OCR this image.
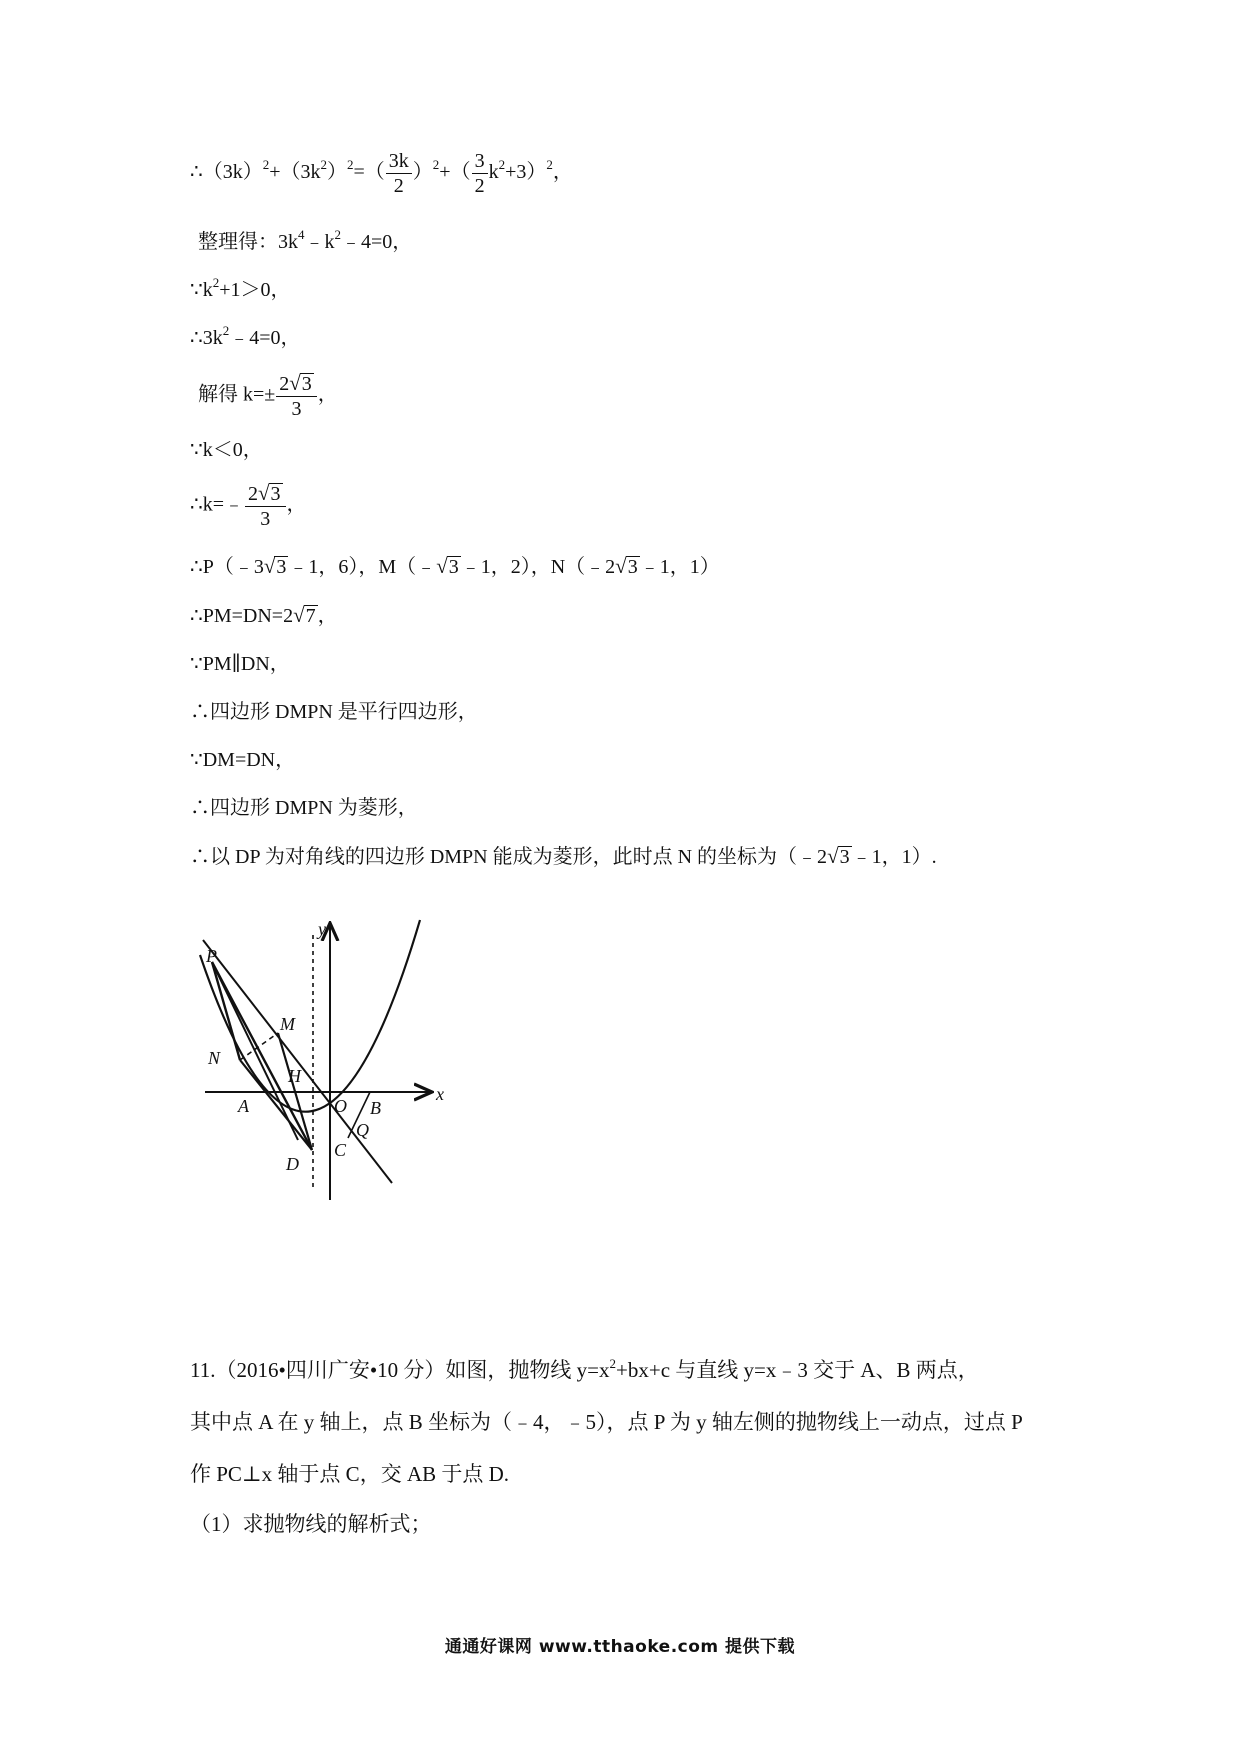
$\therefore(3k)^2+(3k^2)^2=( \frac{3k}{2} )^2+( \frac{3}{2} k^2+3)^2$，
整理得：$3k^4﹣k^2﹣4=0$，
$\because k^2+1>0$，
$\therefore 3k^2﹣4=0$，
解得 $k=\pm \frac{2√3}{3}$ ，
∵k＜0，
∴k=﹣ $\frac{2√3}{3}$ ，
∴P（﹣3√3 ﹣1，6），M（﹣√3 ﹣1，2），N（﹣2√3 ﹣1，1）
∴PM=DN=2√7 ，
∵PM∥DN，
∴四边形 DMPN 是平行四边形，
∵DM=DN，
∴四边形 DMPN 为菱形，
∴以 DP 为对角线的四边形 DMPN 能成为菱形，此时点 N 的坐标为（﹣2√3 ﹣1，1）.
y
x
P
M
N
H
A	O B
Q
C
D
11.（2016•四川广安•10 分）如图，抛物线 $y=x^2+bx+c$ 与直线 y=x﹣3 交于 A、B 两点，
其中点 A 在 y 轴上，点 B 坐标为（﹣4，﹣5），点 P 为 y 轴左侧的抛物线上一动点，过点 P
作 PC⊥x 轴于点 C，交 AB 于点 D.
（1）求抛物线的解析式；
通通好课网 www.tthaoke.com 提供下载
